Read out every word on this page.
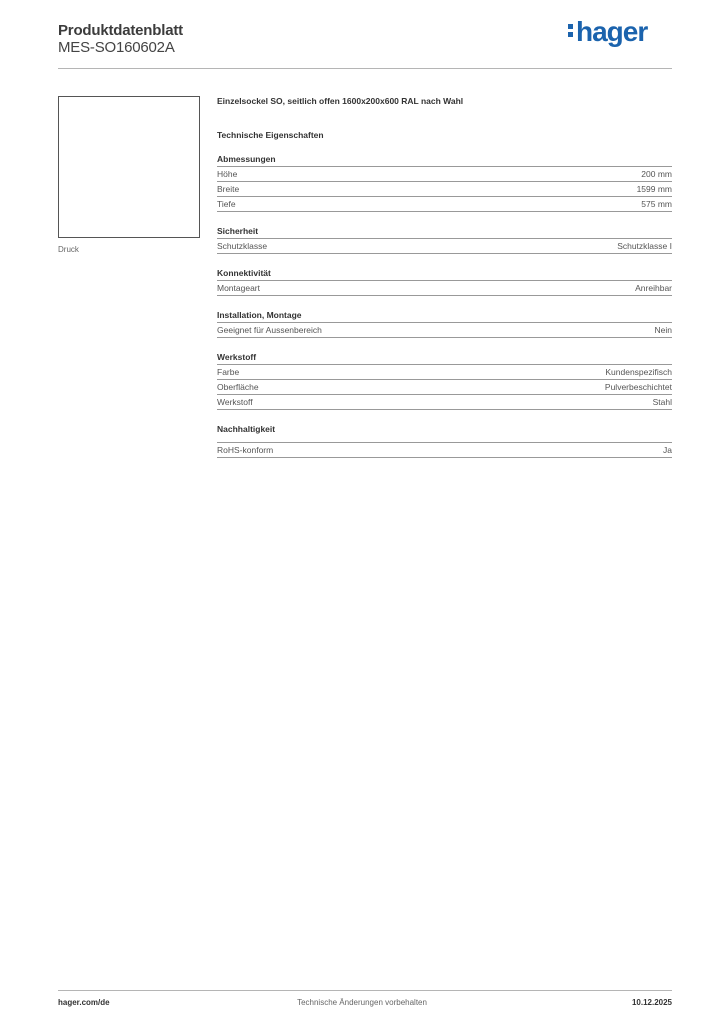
Produktdatenblatt
MES-SO160602A
hager
Druck
Einzelsockel SO, seitlich offen 1600x200x600 RAL nach Wahl
Technische Eigenschaften
Abmessungen
Höhe	200 mm
Breite	1599 mm
Tiefe	575 mm
Sicherheit
Schutzklasse	Schutzklasse I
Konnektivität
Montageart	Anreihbar
Installation, Montage
Geeignet für Aussenbereich	Nein
Werkstoff
Farbe	Kundenspezifisch
Oberfläche	Pulverbeschichtet
Werkstoff	Stahl
Nachhaltigkeit
RoHS-konform	Ja
hager.com/de	Technische Änderungen vorbehalten	10.12.2025
